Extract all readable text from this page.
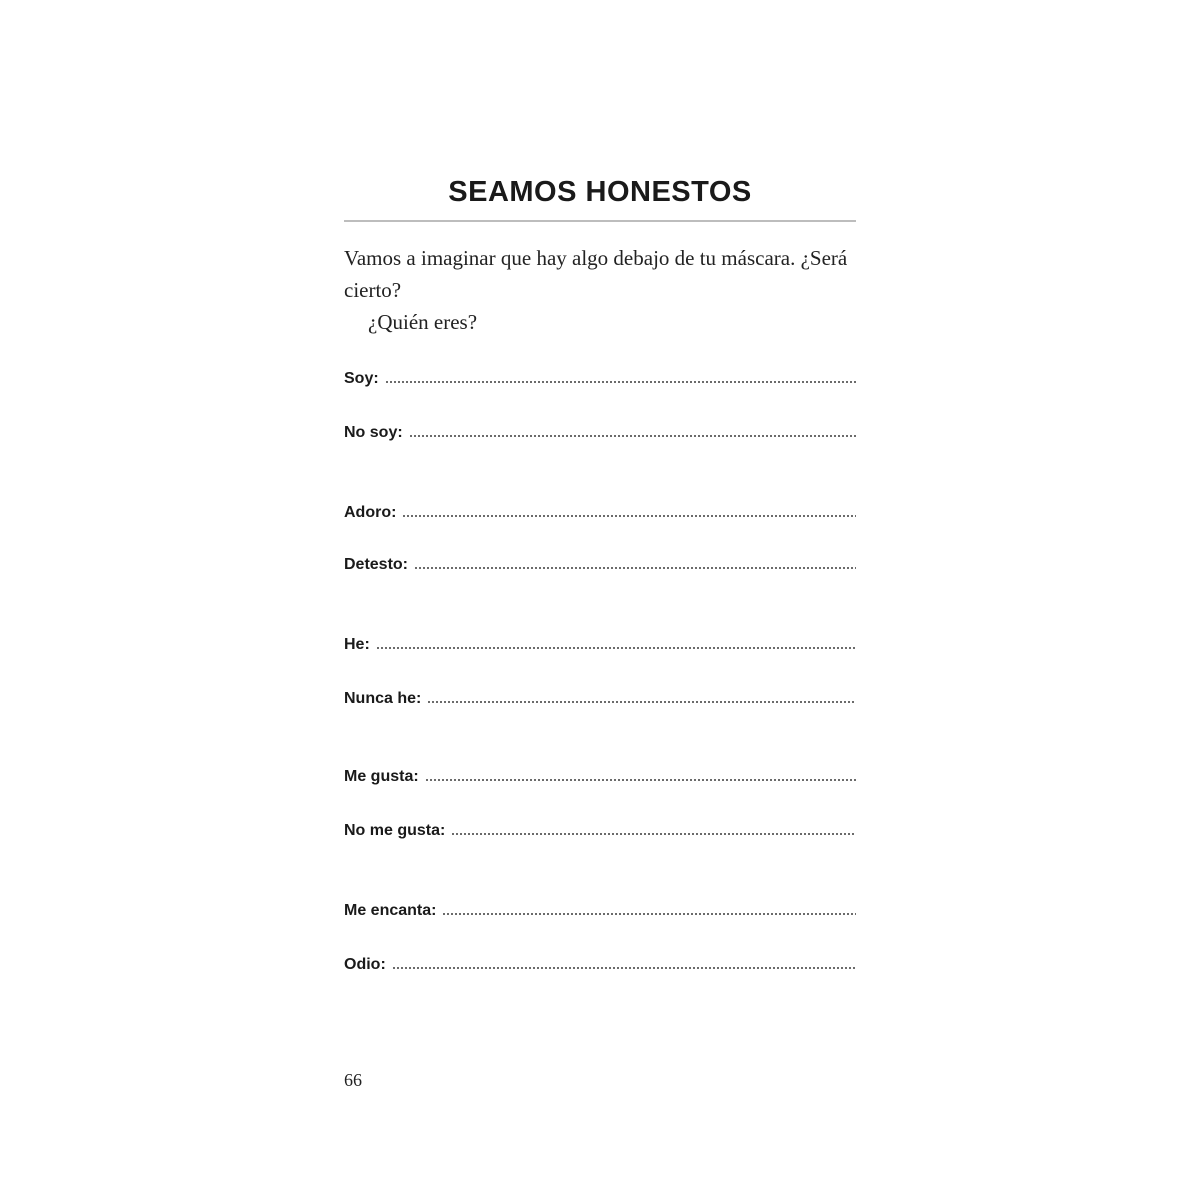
SEAMOS HONESTOS

Vamos a imaginar que hay algo debajo de tu máscara. ¿Será cierto?

¿Quién eres?

Soy:
No soy:
Adoro:
Detesto:
He:
Nunca he:
Me gusta:
No me gusta:
Me encanta:
Odio:
66
